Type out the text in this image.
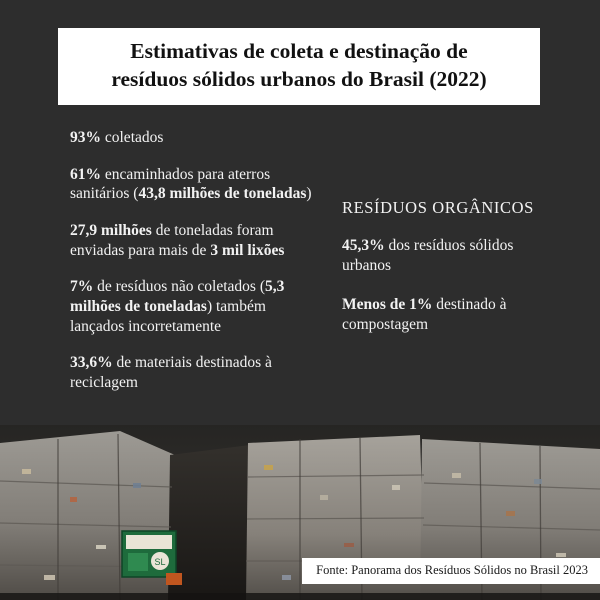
Estimativas de coleta e destinação de
resíduos sólidos urbanos do Brasil (2022)

93% coletados

61% encaminhados para aterros sanitários (43,8 milhões de toneladas)

27,9 milhões de toneladas foram enviadas para mais de 3 mil lixões

7% de resíduos não coletados (5,3 milhões de toneladas) também lançados incorretamente

33,6% de materiais destinados à reciclagem

RESÍDUOS ORGÂNICOS

45,3% dos resíduos sólidos urbanos

Menos de 1% destinado à compostagem

SL
Fonte: Panorama dos Resíduos Sólidos no Brasil 2023
